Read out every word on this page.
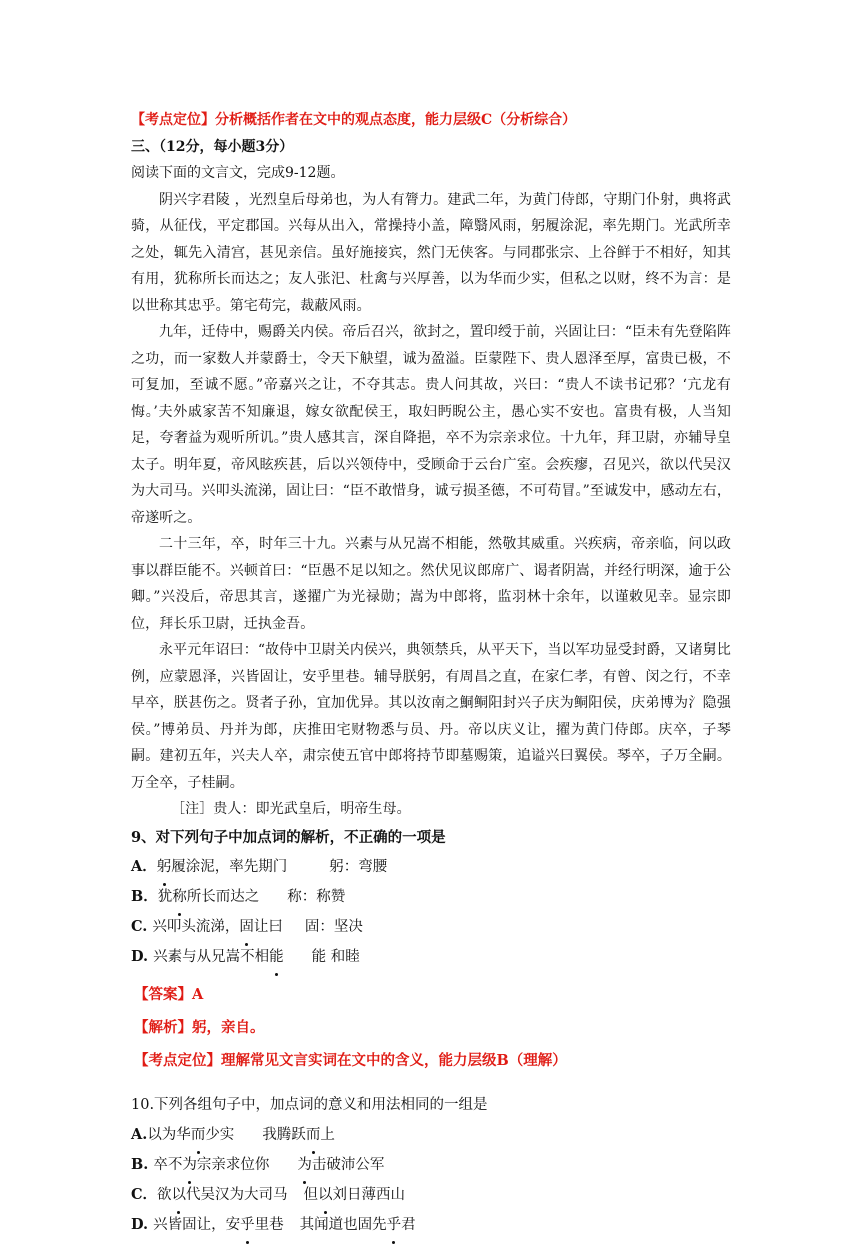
【考点定位】分析概括作者在文中的观点态度，能力层级C（分析综合）
三、（12分，每小题3分）
阅读下面的文言文，完成9-12题。

阴兴字君陵 ，光烈皇后母弟也，为人有膂力。建武二年，为黄门侍郎，守期门仆射，典将武骑，从征伐，平定郡国。兴每从出入，常操持小盖，障翳风雨，躬履涂泥，率先期门。光武所幸之处，辄先入清宫，甚见亲信。虽好施接宾，然门无侠客。与同郡张宗、上谷鲜于不相好，知其有用，犹称所长而达之；友人张汜、杜禽与兴厚善，以为华而少实，但私之以财，终不为言：是以世称其忠乎。第宅苟完，裁蔽风雨。

九年，迁侍中，赐爵关内侯。帝后召兴，欲封之，置印绶于前，兴固让曰：“臣未有先登陷阵之功，而一家数人并蒙爵士，令天下觖望，诚为盈溢。臣蒙陛下、贵人恩泽至厚，富贵已极，不可复加，至诚不愿。”帝嘉兴之让，不夺其志。贵人问其故，兴曰：“贵人不读书记邪？‘亢龙有悔。’夫外戚家苦不知廉退，嫁女欲配侯王，取妇眄睨公主，愚心实不安也。富贵有极，人当知足，夸奢益为观听所讥。”贵人感其言，深自降挹，卒不为宗亲求位。十九年，拜卫尉，亦辅导皇太子。明年夏，帝风眩疾甚，后以兴领侍中，受顾命于云台广室。会疾瘳，召见兴，欲以代吴汉为大司马。兴叩头流涕，固让曰：“臣不敢惜身，诚亏损圣德，不可苟冒。”至诚发中，感动左右，帝遂听之。

二十三年，卒，时年三十九。兴素与从兄嵩不相能，然敬其威重。兴疾病，帝亲临，问以政事以群臣能不。兴顿首曰：“臣愚不足以知之。然伏见议郎席广、谒者阴嵩，并经行明深，逾于公卿。”兴没后，帝思其言，遂擢广为光禄勋；嵩为中郎将，监羽林十余年，以谨敕见幸。显宗即位，拜长乐卫尉，迁执金吾。

永平元年诏曰：“故侍中卫尉关内侯兴，典领禁兵，从平天下，当以军功显受封爵，又诸舅比例，应蒙恩泽，兴皆固让，安乎里巷。辅导朕躬，有周昌之直，在家仁孝，有曾、闵之行，不幸早卒，朕甚伤之。贤者子孙，宜加优异。其以汝南之鮦鲖阳封兴子庆为鲖阳侯，庆弟博为氵隐强侯。”博弟员、丹并为郎，庆推田宅财物悉与员、丹。帝以庆义让，擢为黄门侍郎。庆卒，子琴嗣。建初五年，兴夫人卒，肃宗使五官中郎将持节即墓赐策，追谥兴曰翼侯。琴卒，子万全嗣。万全卒，子桂嗣。

［注］贵人：即光武皇后，明帝生母。

9、对下列句子中加点词的解析，不正确的一项是
A．躬履涂泥，率先期门	躬：弯腰
B．犹称所长而达之 称：称赞
C. 兴叩头流涕，固让曰 固：坚决
D. 兴素与从兄嵩不相能 能 和睦
【答案】A
【解析】躬，亲自。
【考点定位】理解常见文言实词在文中的含义，能力层级B（理解）
10.下列各组句子中，加点词的意义和用法相同的一组是
A.以为华而少实 我腾跃而上
B. 卒不为宗亲求位你 为击破沛公军
C．欲以代吴汉为大司马 但以刘日薄西山
D. 兴皆固让，安乎里巷 其闻道也固先乎君
